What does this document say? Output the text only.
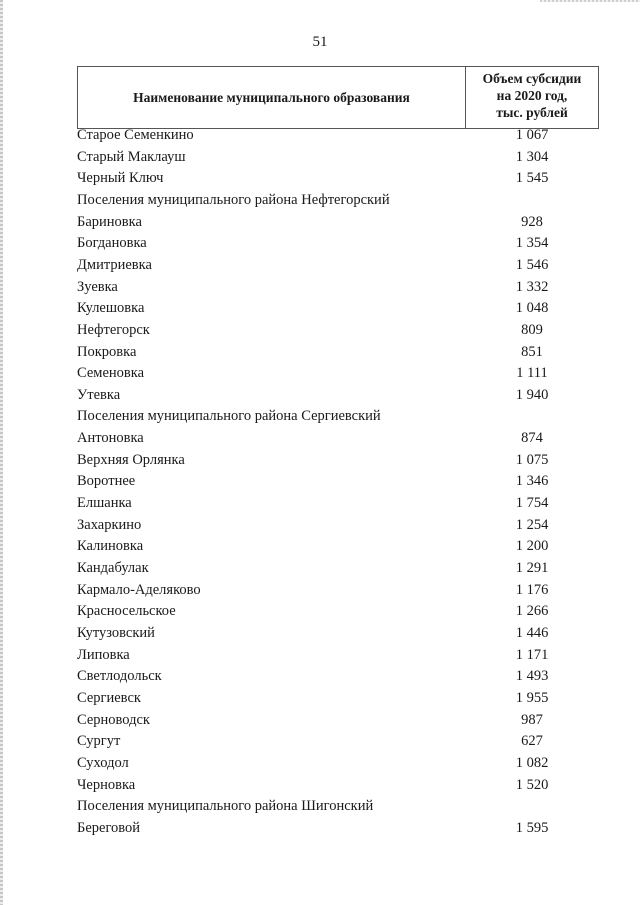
51
Наименование муниципального образования
Объем субсидии
на 2020 год,
тыс. рублей
Старое Семенкино	1 067
Старый Маклауш	1 304
Черный Ключ	1 545
Поселения муниципального района Нефтегорский
Бариновка	928
Богдановка	1 354
Дмитриевка	1 546
Зуевка	1 332
Кулешовка	1 048
Нефтегорск	809
Покровка	851
Семеновка	1 111
Утевка	1 940
Поселения муниципального района Сергиевский
Антоновка	874
Верхняя Орлянка	1 075
Воротнее	1 346
Елшанка	1 754
Захаркино	1 254
Калиновка	1 200
Кандабулак	1 291
Кармало-Аделяково	1 176
Красносельское	1 266
Кутузовский	1 446
Липовка	1 171
Светлодольск	1 493
Сергиевск	1 955
Серноводск	987
Сургут	627
Суходол	1 082
Черновка	1 520
Поселения муниципального района Шигонский
Береговой	1 595
